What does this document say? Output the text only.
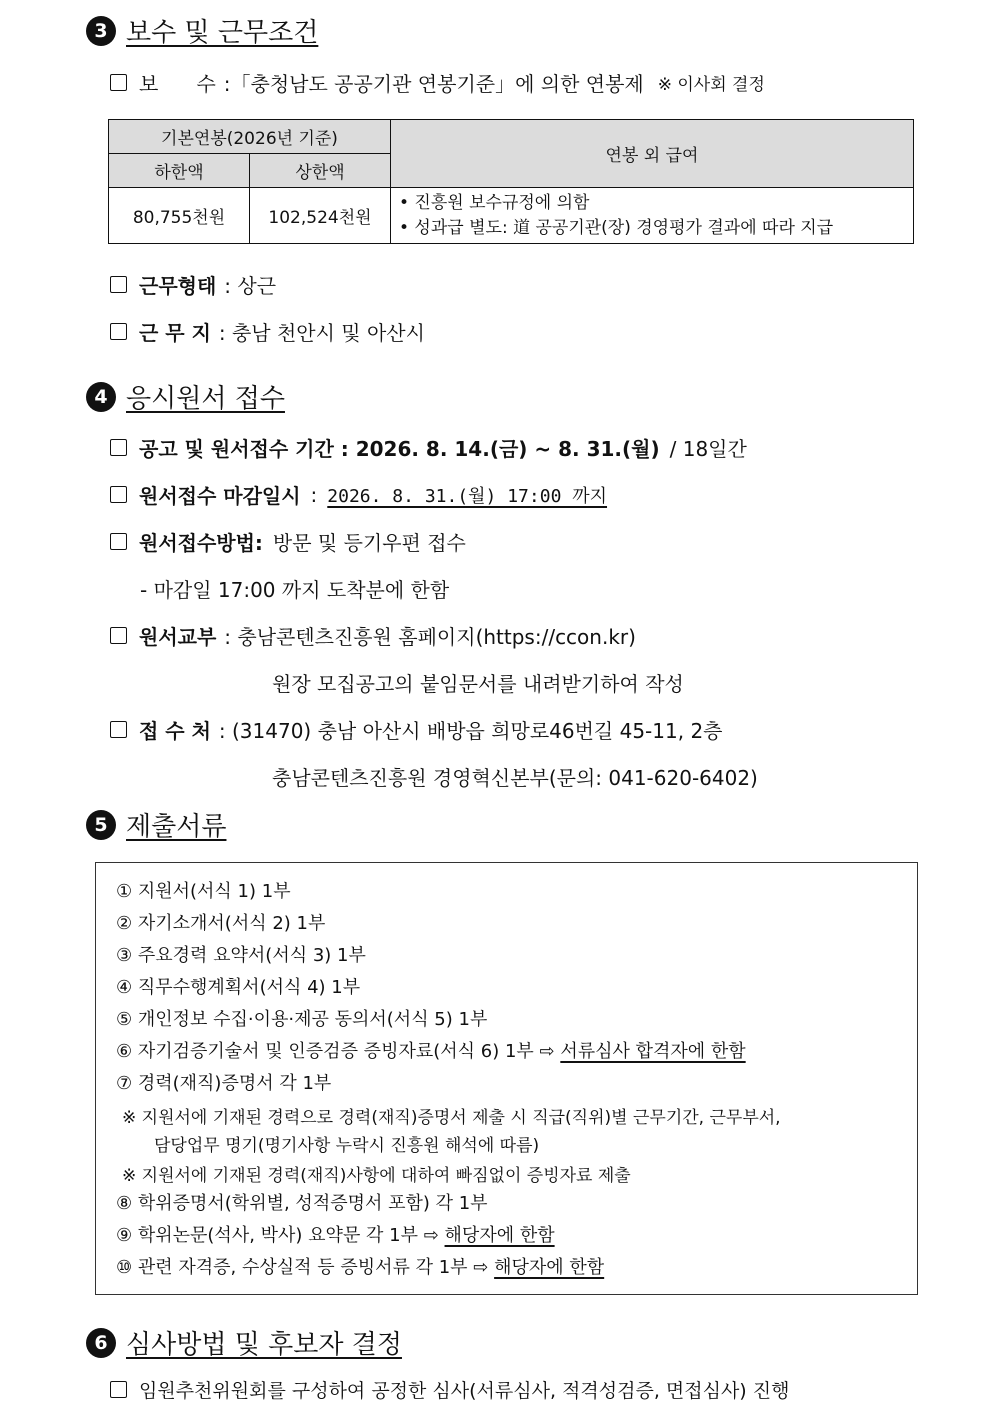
3 보수 및 근무조건
보      수 :「충청남도 공공기관 연봉기준」에 의한 연봉제 ※ 이사회 결정
기본연봉(2026년 기준)		연봉 외 급여
하한액	상한액	
80,755천원	102,524천원	• 진흥원 보수규정에 의함
• 성과급 별도: 道 공공기관(장) 경영평가 결과에 따라 지급
근무형태 : 상근
근 무 지 : 충남 천안시 및 아산시
4 응시원서 접수
공고 및 원서접수 기간 : 2026. 8. 14.(금) ~ 8. 31.(월) / 18일간
원서접수 마감일시 : 2026. 8. 31.(월) 17:00 까지
원서접수방법: 방문 및 등기우편 접수
- 마감일 17:00 까지 도착분에 한함
원서교부 : 충남콘텐츠진흥원 홈페이지(https://ccon.kr)
원장 모집공고의 붙임문서를 내려받기하여 작성
접 수 처 : (31470) 충남 아산시 배방읍 희망로46번길 45-11, 2층
충남콘텐츠진흥원 경영혁신본부(문의: 041-620-6402)
5 제출서류
① 지원서(서식 1) 1부
② 자기소개서(서식 2) 1부
③ 주요경력 요약서(서식 3) 1부
④ 직무수행계획서(서식 4) 1부
⑤ 개인정보 수집·이용·제공 동의서(서식 5) 1부
⑥ 자기검증기술서 및 인증검증 증빙자료(서식 6) 1부 ⇨ 서류심사 합격자에 한함
⑦ 경력(재직)증명서 각 1부
※ 지원서에 기재된 경력으로 경력(재직)증명서 제출 시 직급(직위)별 근무기간, 근무부서,
담당업무 명기(명기사항 누락시 진흥원 해석에 따름)
※ 지원서에 기재된 경력(재직)사항에 대하여 빠짐없이 증빙자료 제출
⑧ 학위증명서(학위별, 성적증명서 포함) 각 1부
⑨ 학위논문(석사, 박사) 요약문 각 1부 ⇨ 해당자에 한함
⑩ 관련 자격증, 수상실적 등 증빙서류 각 1부 ⇨ 해당자에 한함
6 심사방법 및 후보자 결정
임원추천위원회를 구성하여 공정한 심사(서류심사, 적격성검증, 면접심사) 진행
